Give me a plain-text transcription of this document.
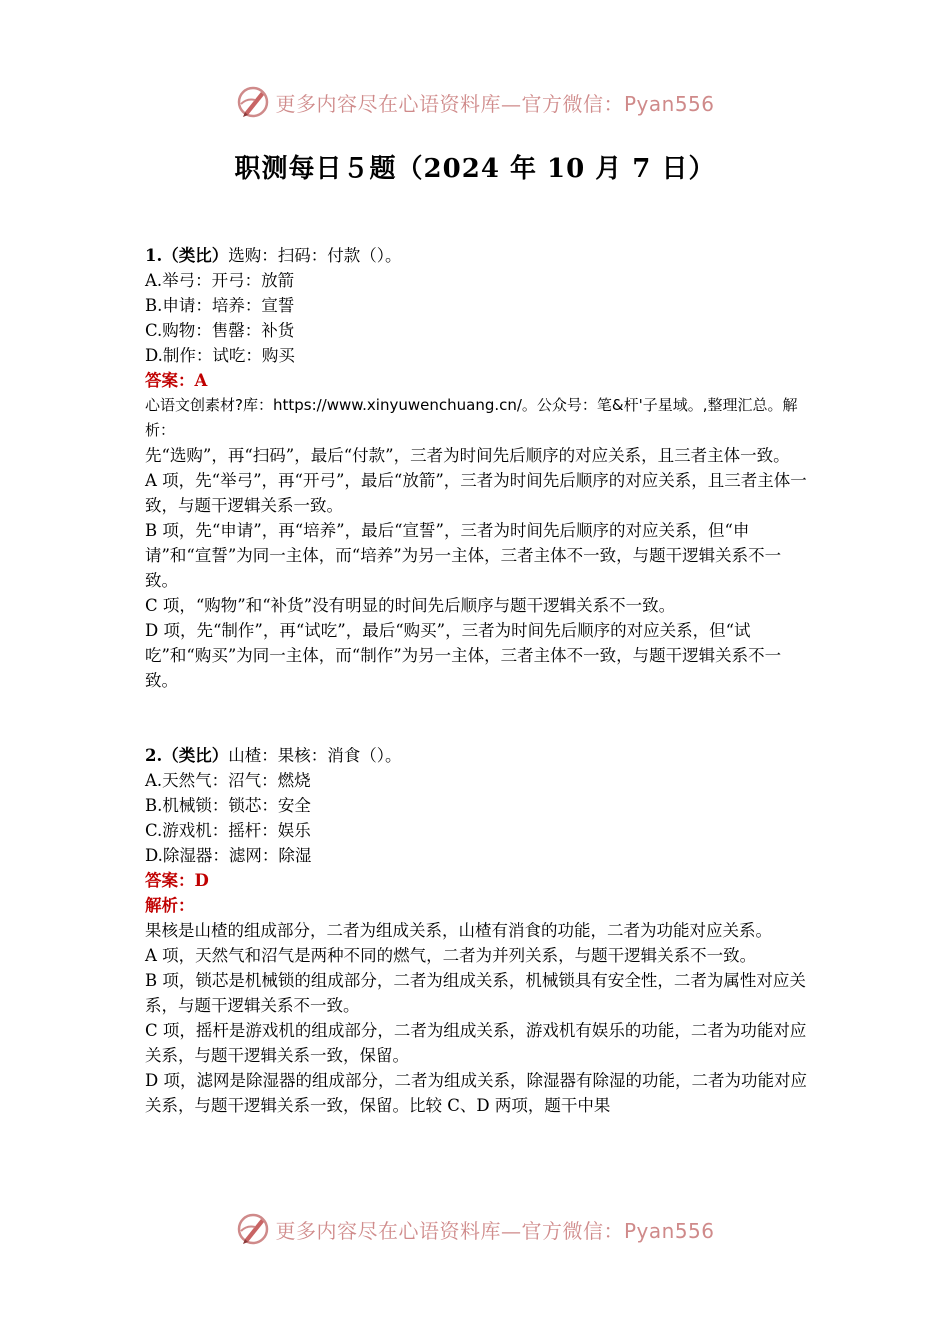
更多内容尽在心语资料库—官方微信：Pyan556
职测每日５题（2024 年 10 月 7 日）

1.（类比）选购：扫码：付款（）。

A.举弓：开弓：放箭

B.申请：培养：宣誓

C.购物：售罄：补货

D.制作：试吃：购买

答案：A

心语文创素材?库：https://www.xinyuwenchuang.cn/。公众号：笔&杆'子星域。,整理汇总。解析：

先“选购”，再“扫码”，最后“付款”，三者为时间先后顺序的对应关系，且三者主体一致。

A 项，先“举弓”，再“开弓”，最后“放箭”，三者为时间先后顺序的对应关系，且三者主体一致，与题干逻辑关系一致。

B 项，先“申请”，再“培养”，最后“宣誓”，三者为时间先后顺序的对应关系，但“申请”和“宣誓”为同一主体，而“培养”为另一主体，三者主体不一致，与题干逻辑关系不一致。

C 项，“购物”和“补货”没有明显的时间先后顺序与题干逻辑关系不一致。

D 项，先“制作”，再“试吃”，最后“购买”，三者为时间先后顺序的对应关系，但“试吃”和“购买”为同一主体，而“制作”为另一主体，三者主体不一致，与题干逻辑关系不一致。

2.（类比）山楂：果核：消食（）。

A.天然气：沼气：燃烧

B.机械锁：锁芯：安全

C.游戏机：摇杆：娱乐

D.除湿器：滤网：除湿

答案：D

解析：

果核是山楂的组成部分，二者为组成关系，山楂有消食的功能，二者为功能对应关系。

A 项，天然气和沼气是两种不同的燃气，二者为并列关系，与题干逻辑关系不一致。

B 项，锁芯是机械锁的组成部分，二者为组成关系，机械锁具有安全性，二者为属性对应关系，与题干逻辑关系不一致。

C 项，摇杆是游戏机的组成部分，二者为组成关系，游戏机有娱乐的功能，二者为功能对应关系，与题干逻辑关系一致，保留。

D 项，滤网是除湿器的组成部分，二者为组成关系，除湿器有除湿的功能，二者为功能对应关系，与题干逻辑关系一致，保留。比较 C、D 两项，题干中果

更多内容尽在心语资料库—官方微信：Pyan556
